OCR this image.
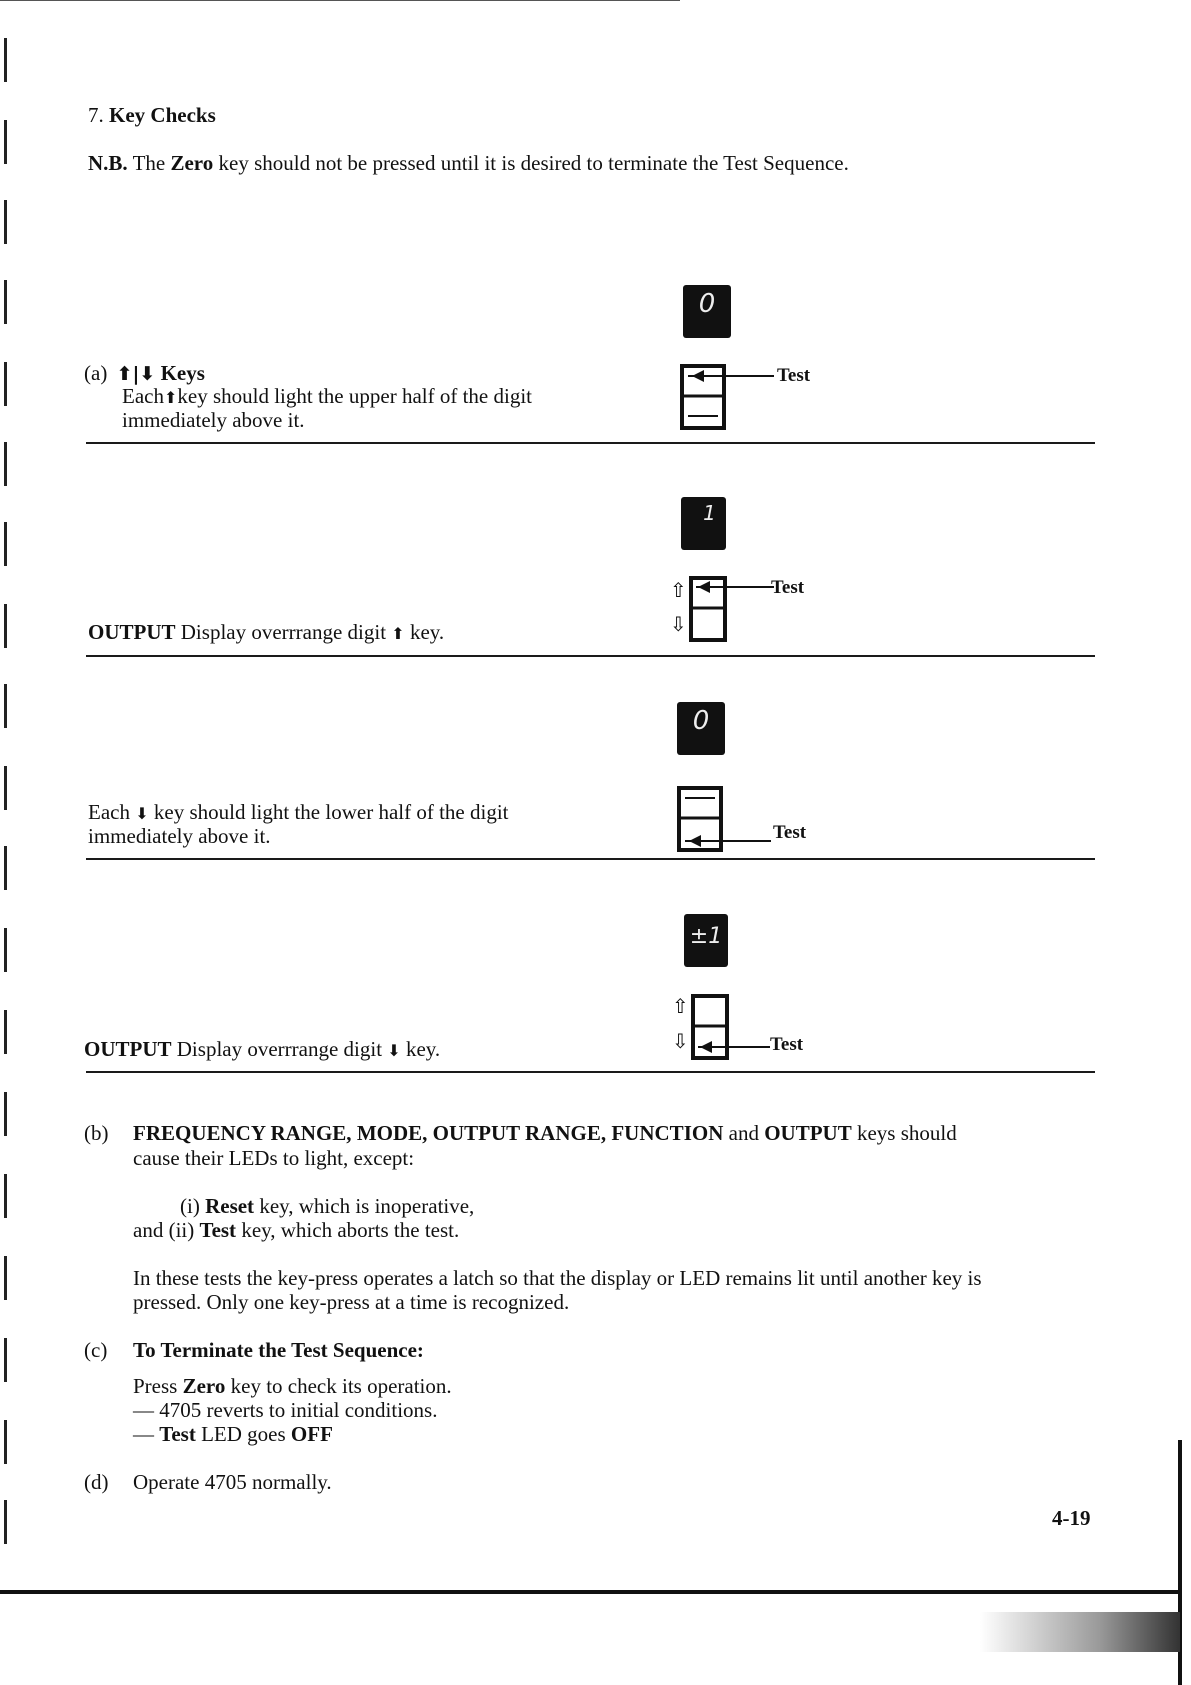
7. Key Checks
N.B. The Zero key should not be pressed until it is desired to terminate the Test Sequence.
(a) ⬆|⬇ Keys
Each⬆key should light the upper half of the digit
immediately above it.
0
Test
1
⇧
⇩
Test
OUTPUT Display overrrange digit ⬆ key.
0
Test
Each ⬇ key should light the lower half of the digit
immediately above it.
±1
⇧
⇩	Test
OUTPUT Display overrrange digit ⬇ key.
(b) FREQUENCY RANGE, MODE, OUTPUT RANGE, FUNCTION and OUTPUT keys should
cause their LEDs to light, except:
(i) Reset key, which is inoperative,
and (ii) Test key, which aborts the test.
In these tests the key-press operates a latch so that the display or LED remains lit until another key is
pressed. Only one key-press at a time is recognized.
(c) To Terminate the Test Sequence:
Press Zero key to check its operation.
— 4705 reverts to initial conditions.
— Test LED goes OFF
(d) Operate 4705 normally.
4-19
